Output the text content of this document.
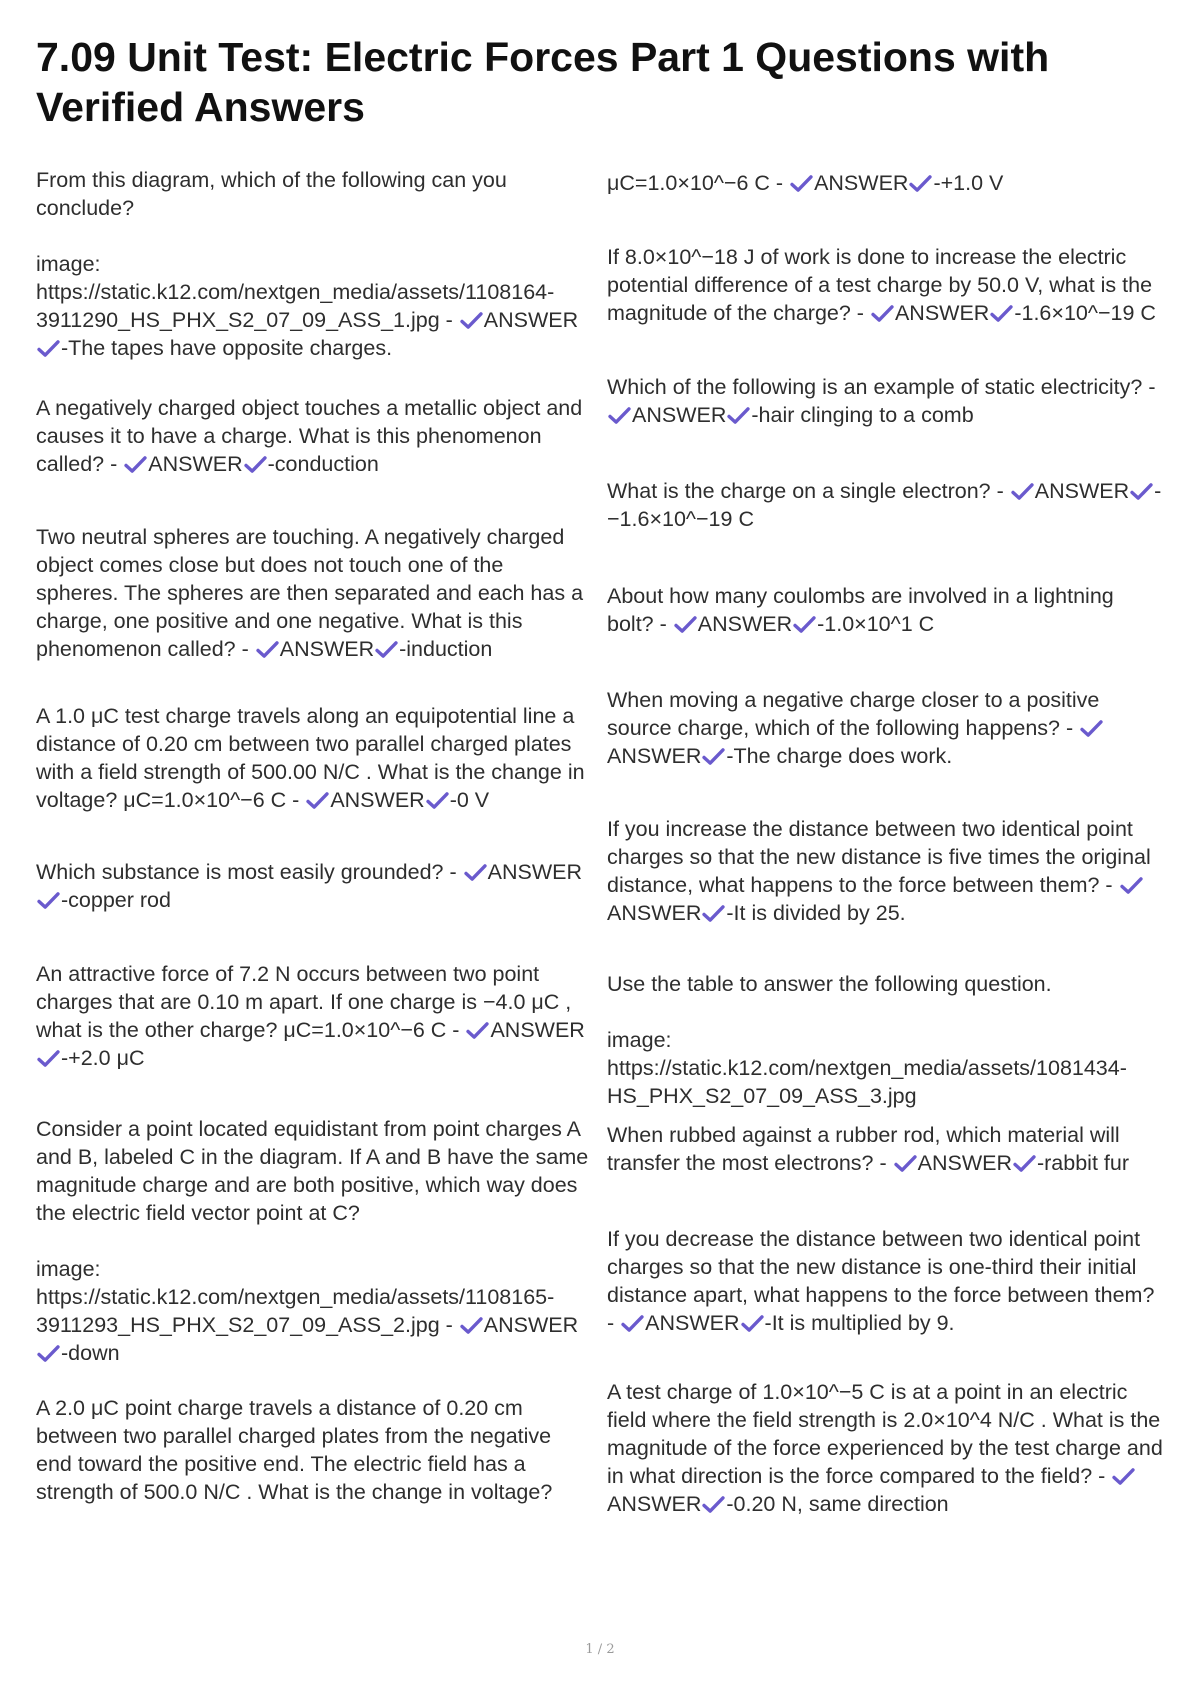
7.09 Unit Test: Electric Forces Part 1 Questions with Verified Answers

From this diagram, which of the following can you
conclude?

image:
https://static.k12.com/nextgen_media/assets/1108164-
3911290_HS_PHX_S2_07_09_ASS_1.jpg - ANSWER
-The tapes have opposite charges.

A negatively charged object touches a metallic object and
causes it to have a charge. What is this phenomenon
called? - ANSWER -conduction

Two neutral spheres are touching. A negatively charged
object comes close but does not touch one of the
spheres. The spheres are then separated and each has a
charge, one positive and one negative. What is this
phenomenon called? - ANSWER -induction

A 1.0 μC test charge travels along an equipotential line a
distance of 0.20 cm between two parallel charged plates
with a field strength of 500.00 N/C . What is the change in
voltage? μC=1.0×10^−6 C - ANSWER -0 V

Which substance is most easily grounded? - ANSWER
-copper rod

An attractive force of 7.2 N occurs between two point
charges that are 0.10 m apart. If one charge is −4.0 μC ,
what is the other charge? μC=1.0×10^−6 C - ANSWER
-+2.0 μC

Consider a point located equidistant from point charges A
and B, labeled C in the diagram. If A and B have the same
magnitude charge and are both positive, which way does
the electric field vector point at C?

image:
https://static.k12.com/nextgen_media/assets/1108165-
3911293_HS_PHX_S2_07_09_ASS_2.jpg - ANSWER
-down

A 2.0 μC point charge travels a distance of 0.20 cm
between two parallel charged plates from the negative
end toward the positive end. The electric field has a
strength of 500.0 N/C . What is the change in voltage?

μC=1.0×10^−6 C - ANSWER -+1.0 V

If 8.0×10^−18 J of work is done to increase the electric
potential difference of a test charge by 50.0 V, what is the
magnitude of the charge? - ANSWER -1.6×10^−19 C

Which of the following is an example of static electricity? -
ANSWER -hair clinging to a comb

What is the charge on a single electron? - ANSWER -−1.6×10^−19 C

About how many coulombs are involved in a lightning
bolt? - ANSWER -1.0×10^1 C

When moving a negative charge closer to a positive
source charge, which of the following happens? -
ANSWER -The charge does work.

If you increase the distance between two identical point
charges so that the new distance is five times the original
distance, what happens to the force between them? -
ANSWER -It is divided by 25.

Use the table to answer the following question.

image:
https://static.k12.com/nextgen_media/assets/1081434-
HS_PHX_S2_07_09_ASS_3.jpg

When rubbed against a rubber rod, which material will
transfer the most electrons? - ANSWER -rabbit fur

If you decrease the distance between two identical point
charges so that the new distance is one-third their initial
distance apart, what happens to the force between them?
- ANSWER -It is multiplied by 9.

A test charge of 1.0×10^−5 C is at a point in an electric
field where the field strength is 2.0×10^4 N/C . What is the
magnitude of the force experienced by the test charge and
in what direction is the force compared to the field? -
ANSWER -0.20 N, same direction

1 / 2
